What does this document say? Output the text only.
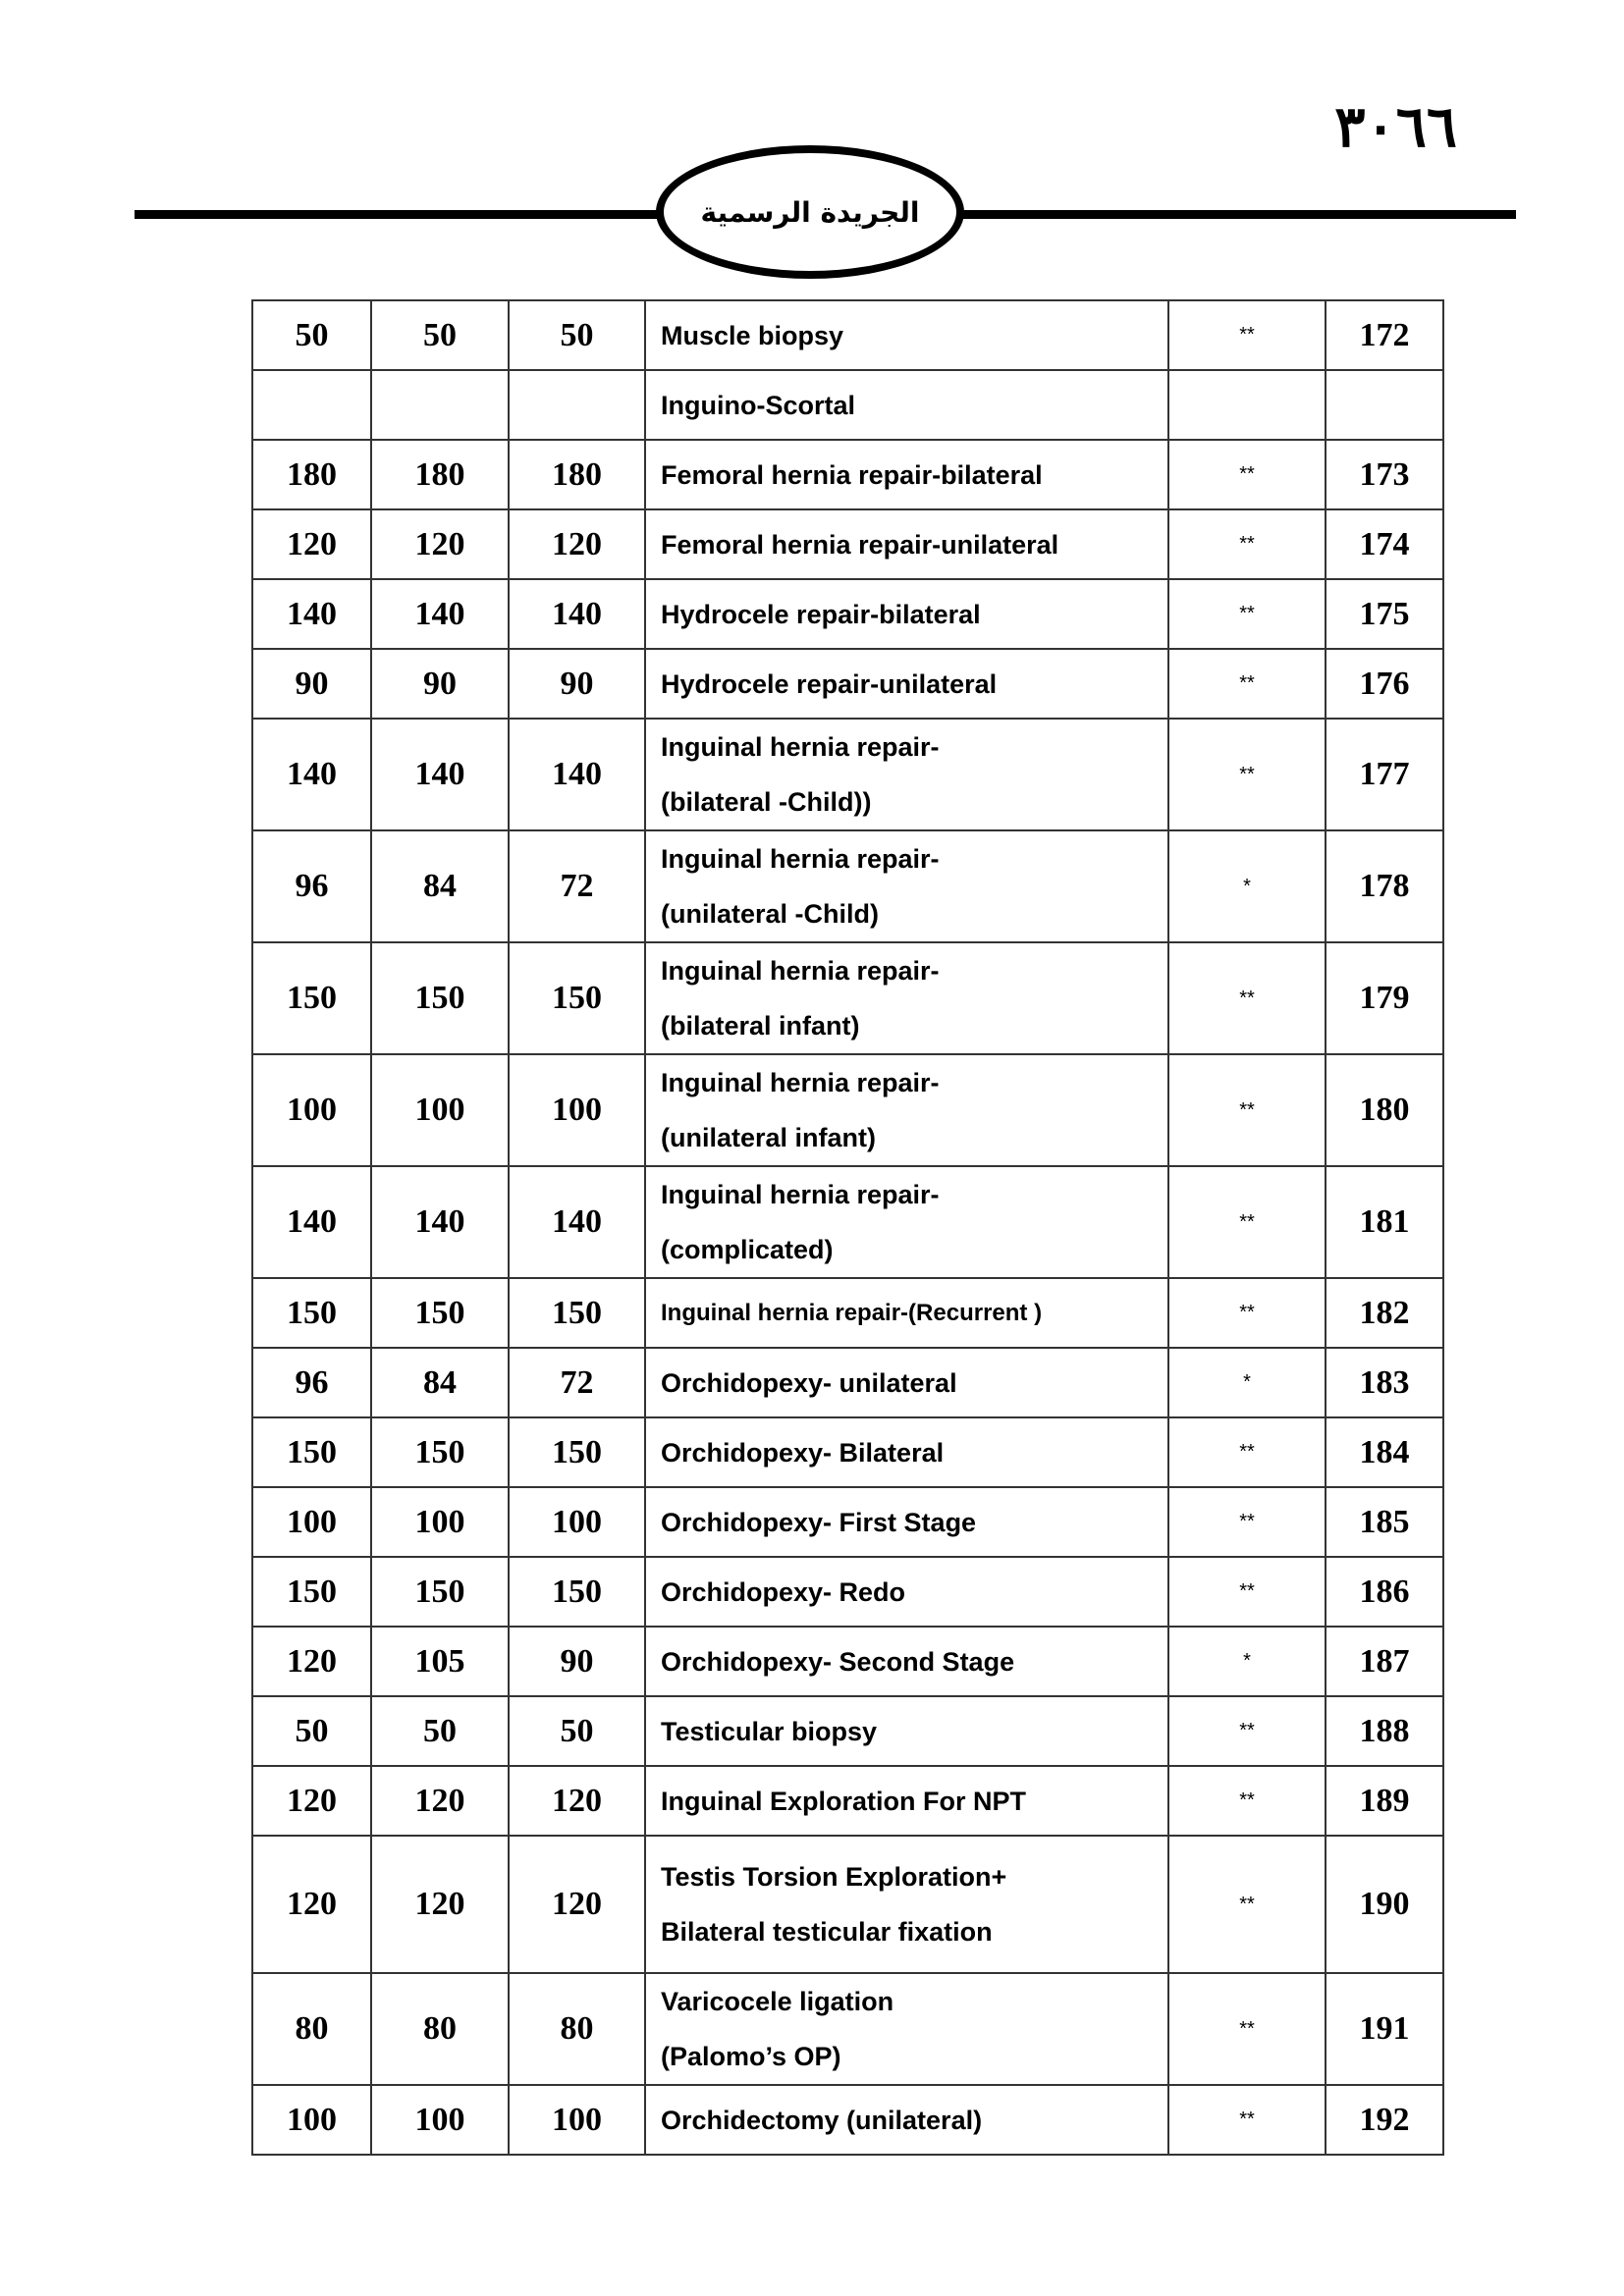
٣٠٦٦
الجريدة الرسمية
50	50	50	Muscle biopsy	**	172

			Inguino-Scortal		

180	180	180	Femoral hernia repair-bilateral	**	173
120	120	120	Femoral hernia repair-unilateral	**	174
140	140	140	Hydrocele repair-bilateral	**	175
90	90	90	Hydrocele repair-unilateral	**	176
140	140	140	Inguinal hernia repair-
(bilateral -Child))	**	177
96	84	72	Inguinal hernia repair-
(unilateral -Child)	*	178
150	150	150	Inguinal hernia repair-
(bilateral infant)	**	179
100	100	100	Inguinal hernia repair-
(unilateral infant)	**	180
140	140	140	Inguinal hernia repair-
(complicated)	**	181
150	150	150	Inguinal hernia repair-(Recurrent )	**	182
96	84	72	Orchidopexy- unilateral	*	183
150	150	150	Orchidopexy- Bilateral	**	184
100	100	100	Orchidopexy- First Stage	**	185
150	150	150	Orchidopexy- Redo	**	186
120	105	90	Orchidopexy- Second Stage	*	187
50	50	50	Testicular biopsy	**	188
120	120	120	Inguinal Exploration For NPT	**	189
120	120	120	Testis Torsion Exploration+
Bilateral testicular fixation	**	190
80	80	80	Varicocele ligation
(Palomo’s OP)	**	191
100	100	100	Orchidectomy (unilateral)	**	192
